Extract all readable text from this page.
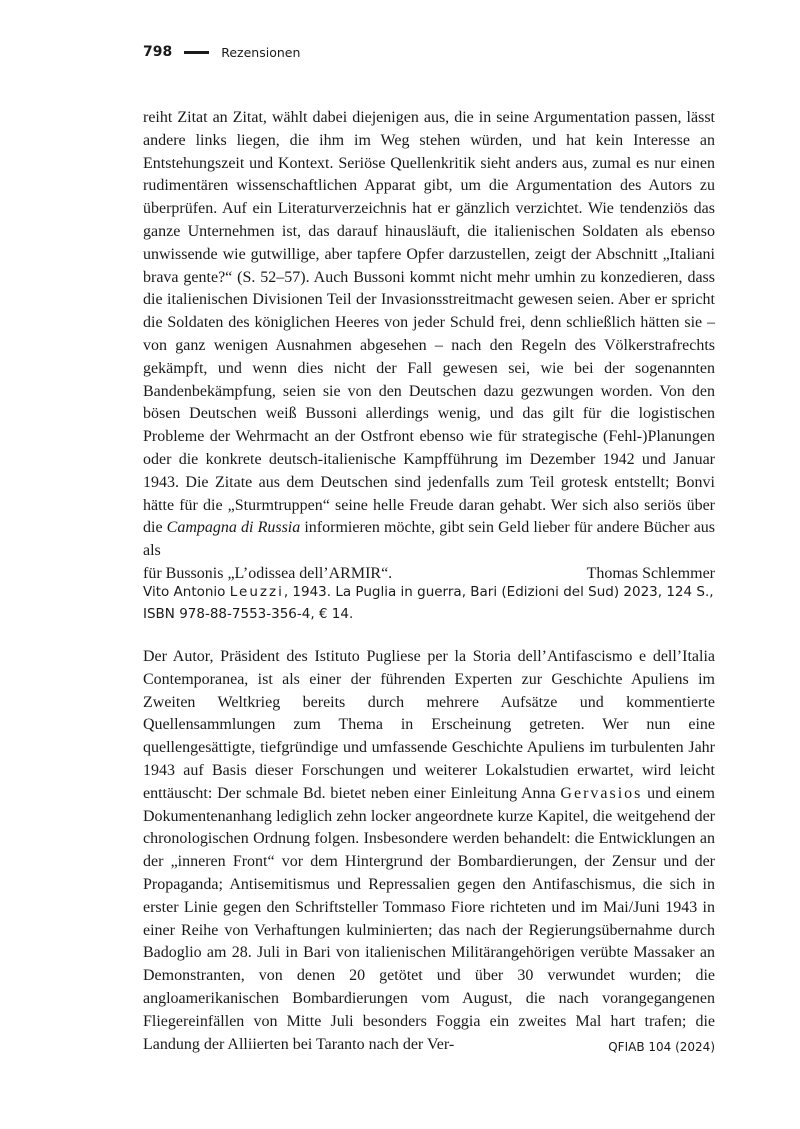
798	Rezensionen
reiht Zitat an Zitat, wählt dabei diejenigen aus, die in seine Argumentation passen, lässt andere links liegen, die ihm im Weg stehen würden, und hat kein Interesse an Entstehungszeit und Kontext. Seriöse Quellenkritik sieht anders aus, zumal es nur einen rudimentären wissenschaftlichen Apparat gibt, um die Argumentation des Autors zu überprüfen. Auf ein Literaturverzeichnis hat er gänzlich verzichtet. Wie tendenziös das ganze Unternehmen ist, das darauf hinausläuft, die italienischen Soldaten als ebenso unwissende wie gutwillige, aber tapfere Opfer darzustellen, zeigt der Abschnitt „Italiani brava gente?“ (S. 52–57). Auch Bussoni kommt nicht mehr umhin zu konzedieren, dass die italienischen Divisionen Teil der Invasionsstreitmacht gewesen seien. Aber er spricht die Soldaten des königlichen Heeres von jeder Schuld frei, denn schließlich hätten sie – von ganz wenigen Ausnahmen abgesehen – nach den Regeln des Völkerstrafrechts gekämpft, und wenn dies nicht der Fall gewesen sei, wie bei der sogenannten Bandenbekämpfung, seien sie von den Deutschen dazu gezwungen worden. Von den bösen Deutschen weiß Bussoni allerdings wenig, und das gilt für die logistischen Probleme der Wehrmacht an der Ostfront ebenso wie für strategische (Fehl-)Planungen oder die konkrete deutsch-italienische Kampfführung im Dezember 1942 und Januar 1943. Die Zitate aus dem Deutschen sind jedenfalls zum Teil grotesk entstellt; Bonvi hätte für die „Sturmtruppen“ seine helle Freude daran gehabt. Wer sich also seriös über die Campagna di Russia informieren möchte, gibt sein Geld lieber für andere Bücher aus als
für Bussonis „L’odissea dell’ARMIR“.	Thomas Schlemmer
Vito Antonio Leuzzi, 1943. La Puglia in guerra, Bari (Edizioni del Sud) 2023, 124 S., ISBN 978-88-7553-356-4, € 14.
Der Autor, Präsident des Istituto Pugliese per la Storia dell’Antifascismo e dell’Italia Contemporanea, ist als einer der führenden Experten zur Geschichte Apuliens im Zweiten Weltkrieg bereits durch mehrere Aufsätze und kommentierte Quellensammlungen zum Thema in Erscheinung getreten. Wer nun eine quellengesättigte, tiefgründige und umfassende Geschichte Apuliens im turbulenten Jahr 1943 auf Basis dieser Forschungen und weiterer Lokalstudien erwartet, wird leicht enttäuscht: Der schmale Bd. bietet neben einer Einleitung Anna Gervasios und einem Dokumentenanhang lediglich zehn locker angeordnete kurze Kapitel, die weitgehend der chronologischen Ordnung folgen. Insbesondere werden behandelt: die Entwicklungen an der „inneren Front“ vor dem Hintergrund der Bombardierungen, der Zensur und der Propaganda; Antisemitismus und Repressalien gegen den Antifaschismus, die sich in erster Linie gegen den Schriftsteller Tommaso Fiore richteten und im Mai/Juni 1943 in einer Reihe von Verhaftungen kulminierten; das nach der Regierungsübernahme durch Badoglio am 28. Juli in Bari von italienischen Militärangehörigen verübte Massaker an Demonstranten, von denen 20 getötet und über 30 verwundet wurden; die angloamerikanischen Bombardierungen vom August, die nach vorangegangenen Fliegereinfällen von Mitte Juli besonders Foggia ein zweites Mal hart trafen; die Landung der Alliierten bei Taranto nach der Ver-	QFIAB 104 (2024)
